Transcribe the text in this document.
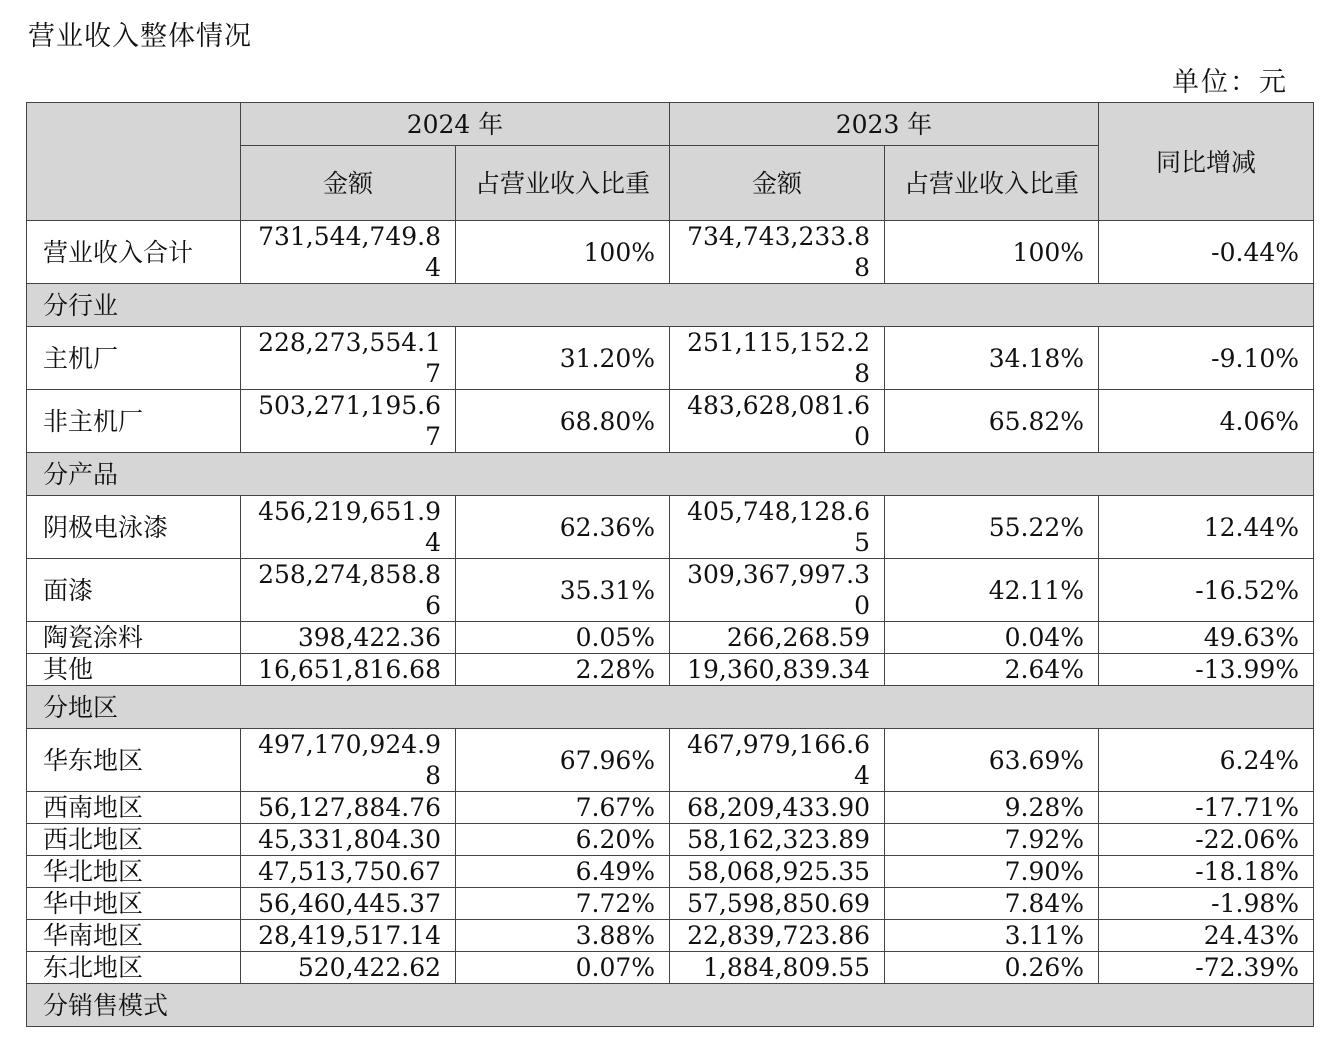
营业收入整体情况
单位：元
	2024 年		2023 年		同比增减
	金额	占营业收入比重	金额	占营业收入比重	
营业收入合计	731,544,749.84	100%	734,743,233.88	100%	-0.44%
分行业					
主机厂	228,273,554.17	31.20%	251,115,152.28	34.18%	-9.10%
非主机厂	503,271,195.67	68.80%	483,628,081.60	65.82%	4.06%
分产品					
阴极电泳漆	456,219,651.94	62.36%	405,748,128.65	55.22%	12.44%
面漆	258,274,858.86	35.31%	309,367,997.30	42.11%	-16.52%
陶瓷涂料	398,422.36	0.05%	266,268.59	0.04%	49.63%
其他	16,651,816.68	2.28%	19,360,839.34	2.64%	-13.99%
分地区					
华东地区	497,170,924.98	67.96%	467,979,166.64	63.69%	6.24%
西南地区	56,127,884.76	7.67%	68,209,433.90	9.28%	-17.71%
西北地区	45,331,804.30	6.20%	58,162,323.89	7.92%	-22.06%
华北地区	47,513,750.67	6.49%	58,068,925.35	7.90%	-18.18%
华中地区	56,460,445.37	7.72%	57,598,850.69	7.84%	-1.98%
华南地区	28,419,517.14	3.88%	22,839,723.86	3.11%	24.43%
东北地区	520,422.62	0.07%	1,884,809.55	0.26%	-72.39%
分销售模式					
